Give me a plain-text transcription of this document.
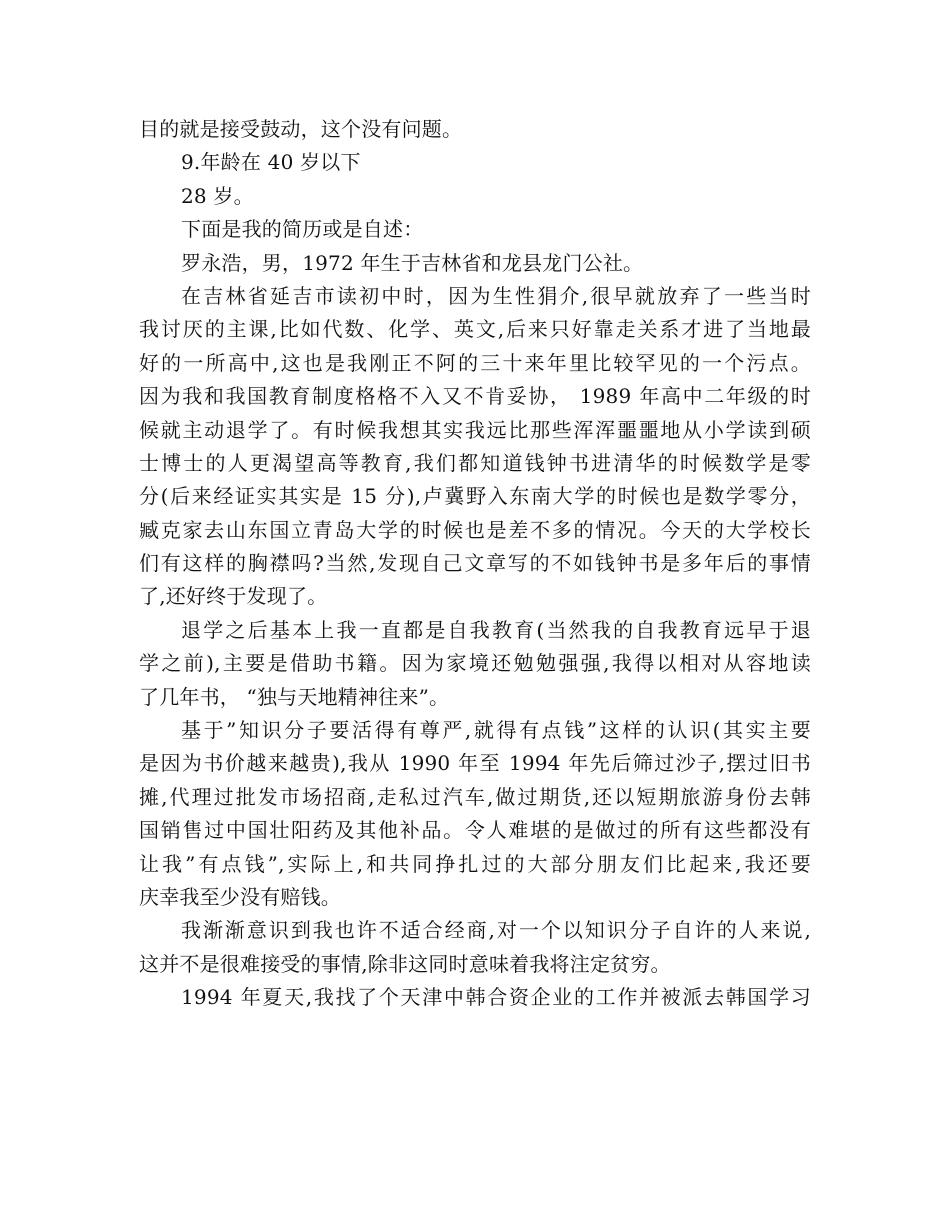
目的就是接受鼓动，这个没有问题。
9.年龄在 40 岁以下
28 岁。
下面是我的简历或是自述：
罗永浩，男，1972 年生于吉林省和龙县龙门公社。
在吉林省延吉市读初中时，因为生性狷介,很早就放弃了一些当时
我讨厌的主课,比如代数、化学、英文,后来只好靠走关系才进了当地最
好的一所高中,这也是我刚正不阿的三十来年里比较罕见的一个污点。
因为我和我国教育制度格格不入又不肯妥协， 1989 年高中二年级的时
候就主动退学了。有时候我想其实我远比那些浑浑噩噩地从小学读到硕
士博士的人更渴望高等教育,我们都知道钱钟书进清华的时候数学是零
分(后来经证实其实是 15 分),卢冀野入东南大学的时候也是数学零分，
臧克家去山东国立青岛大学的时候也是差不多的情况。今天的大学校长
们有这样的胸襟吗?当然,发现自己文章写的不如钱钟书是多年后的事情
了,还好终于发现了。
退学之后基本上我一直都是自我教育(当然我的自我教育远早于退
学之前),主要是借助书籍。因为家境还勉勉强强,我得以相对从容地读
了几年书， “独与天地精神往来”。
基于”知识分子要活得有尊严,就得有点钱”这样的认识(其实主要
是因为书价越来越贵),我从 1990 年至 1994 年先后筛过沙子,摆过旧书
摊,代理过批发市场招商,走私过汽车,做过期货,还以短期旅游身份去韩
国销售过中国壮阳药及其他补品。令人难堪的是做过的所有这些都没有
让我”有点钱”,实际上,和共同挣扎过的大部分朋友们比起来,我还要
庆幸我至少没有赔钱。
我渐渐意识到我也许不适合经商,对一个以知识分子自许的人来说,
这并不是很难接受的事情,除非这同时意味着我将注定贫穷。
1994 年夏天,我找了个天津中韩合资企业的工作并被派去韩国学习
